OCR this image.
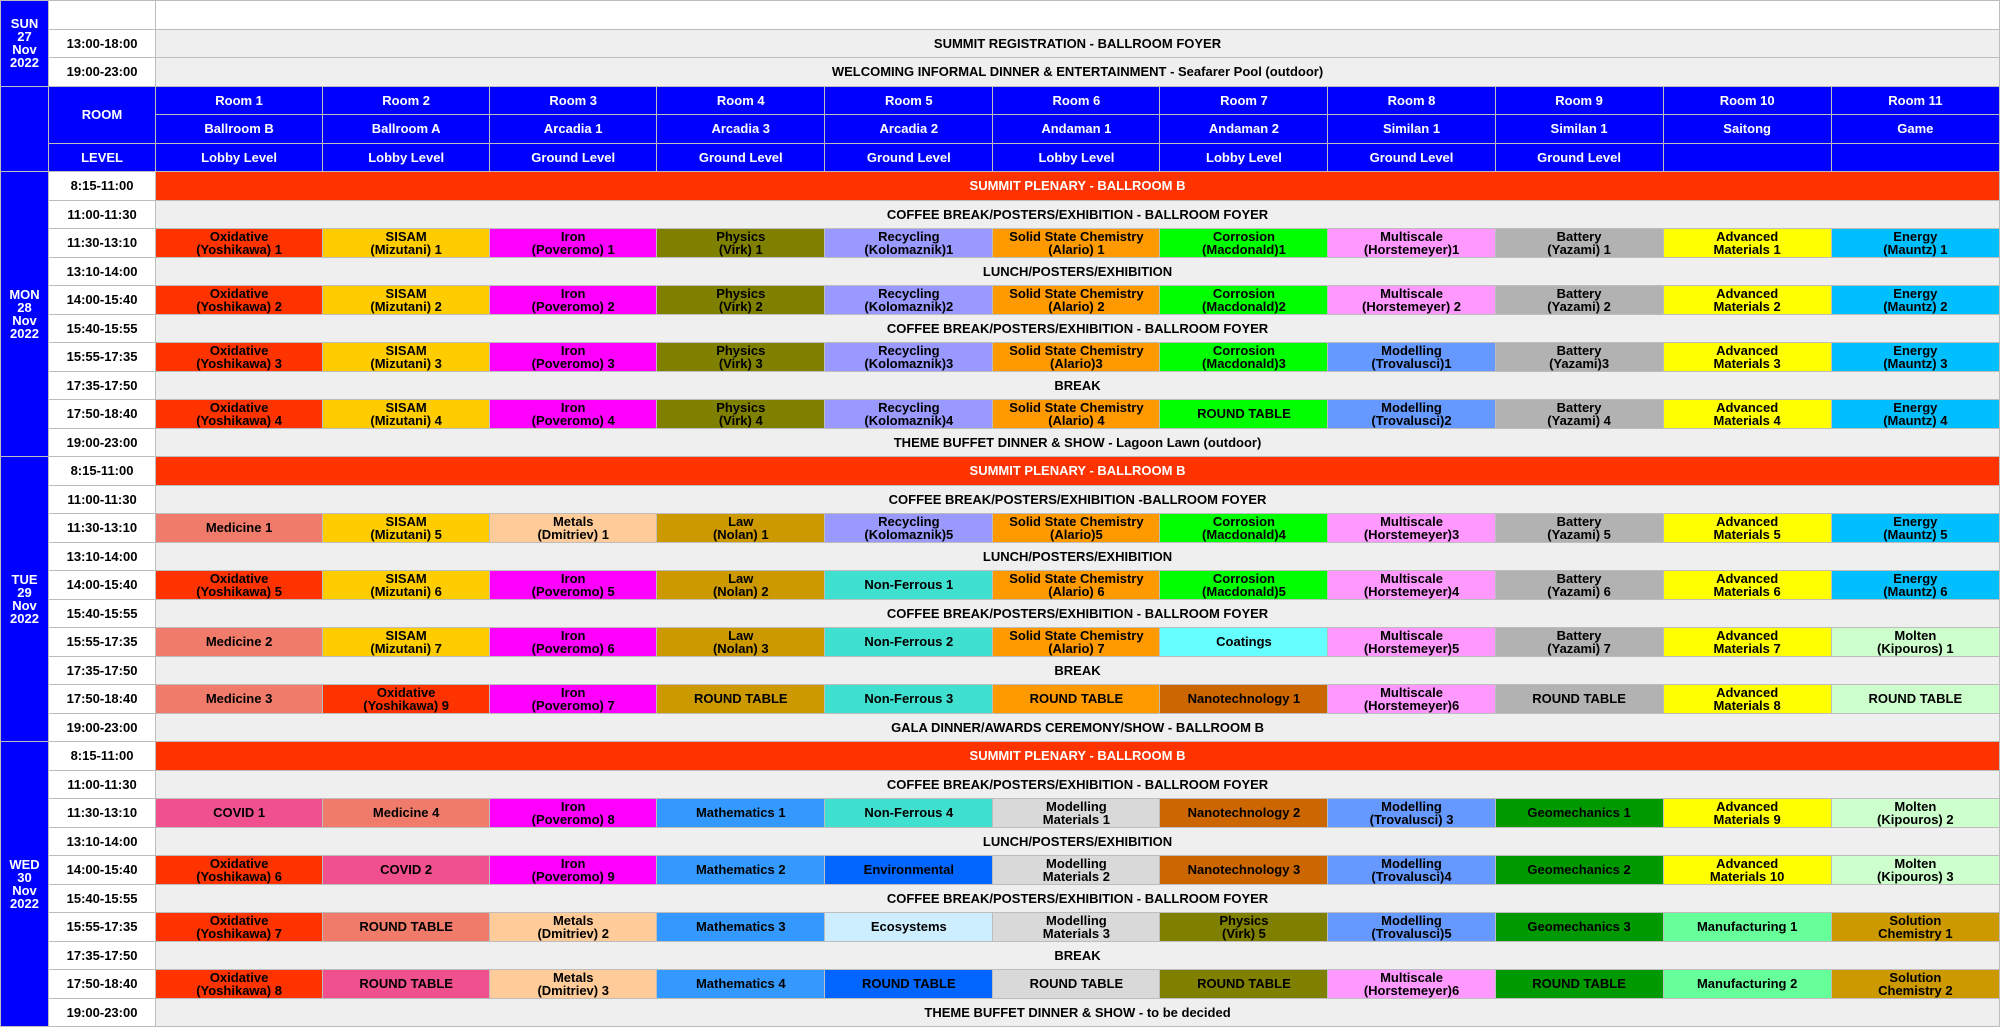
SUN
27
Nov
2022												
	13:00-18:00	SUMMIT REGISTRATION - BALLROOM FOYER										
	19:00-23:00	WELCOMING INFORMAL DINNER & ENTERTAINMENT - Seafarer Pool (outdoor)										
	ROOM	Room 1	Room 2	Room 3	Room 4	Room 5	Room 6	Room 7	Room 8	Room 9	Room 10	Room 11
		Ballroom B	Ballroom A	Arcadia 1	Arcadia 3	Arcadia 2	Andaman 1	Andaman 2	Similan 1	Similan 1	Saitong	Game
	LEVEL	Lobby Level	Lobby Level	Ground Level	Ground Level	Ground Level	Lobby Level	Lobby Level	Ground Level	Ground Level		
MON
28
Nov
2022	8:15-11:00	SUMMIT PLENARY - BALLROOM B										
	11:00-11:30	COFFEE BREAK/POSTERS/EXHIBITION - BALLROOM FOYER										
	11:30-13:10	Oxidative
(Yoshikawa) 1	SISAM
(Mizutani) 1	Iron
(Poveromo) 1	Physics
(Virk) 1	Recycling
(Kolomaznik)1	Solid State Chemistry
(Alario) 1	Corrosion
(Macdonald)1	Multiscale
(Horstemeyer)1	Battery
(Yazami) 1	Advanced
Materials 1	Energy
(Mauntz) 1
	13:10-14:00	LUNCH/POSTERS/EXHIBITION										
	14:00-15:40	Oxidative
(Yoshikawa) 2	SISAM
(Mizutani) 2	Iron
(Poveromo) 2	Physics
(Virk) 2	Recycling
(Kolomaznik)2	Solid State Chemistry
(Alario) 2	Corrosion
(Macdonald)2	Multiscale
(Horstemeyer) 2	Battery
(Yazami) 2	Advanced
Materials 2	Energy
(Mauntz) 2
	15:40-15:55	COFFEE BREAK/POSTERS/EXHIBITION - BALLROOM FOYER										
	15:55-17:35	Oxidative
(Yoshikawa) 3	SISAM
(Mizutani) 3	Iron
(Poveromo) 3	Physics
(Virk) 3	Recycling
(Kolomaznik)3	Solid State Chemistry
(Alario)3	Corrosion
(Macdonald)3	Modelling
(Trovalusci)1	Battery
(Yazami)3	Advanced
Materials 3	Energy
(Mauntz) 3
	17:35-17:50	BREAK										
	17:50-18:40	Oxidative
(Yoshikawa) 4	SISAM
(Mizutani) 4	Iron
(Poveromo) 4	Physics
(Virk) 4	Recycling
(Kolomaznik)4	Solid State Chemistry
(Alario) 4	ROUND TABLE	Modelling
(Trovalusci)2	Battery
(Yazami) 4	Advanced
Materials 4	Energy
(Mauntz) 4
	19:00-23:00	THEME BUFFET DINNER & SHOW - Lagoon Lawn (outdoor)										
TUE
29
Nov
2022	8:15-11:00	SUMMIT PLENARY - BALLROOM B										
	11:00-11:30	COFFEE BREAK/POSTERS/EXHIBITION -BALLROOM FOYER										
	11:30-13:10	Medicine 1	SISAM
(Mizutani) 5	Metals
(Dmitriev) 1	Law
(Nolan) 1	Recycling
(Kolomaznik)5	Solid State Chemistry
(Alario)5	Corrosion
(Macdonald)4	Multiscale
(Horstemeyer)3	Battery
(Yazami) 5	Advanced
Materials 5	Energy
(Mauntz) 5
	13:10-14:00	LUNCH/POSTERS/EXHIBITION										
	14:00-15:40	Oxidative
(Yoshikawa) 5	SISAM
(Mizutani) 6	Iron
(Poveromo) 5	Law
(Nolan) 2	Non-Ferrous 1	Solid State Chemistry
(Alario) 6	Corrosion
(Macdonald)5	Multiscale
(Horstemeyer)4	Battery
(Yazami) 6	Advanced
Materials 6	Energy
(Mauntz) 6
	15:40-15:55	COFFEE BREAK/POSTERS/EXHIBITION - BALLROOM FOYER										
	15:55-17:35	Medicine 2	SISAM
(Mizutani) 7	Iron
(Poveromo) 6	Law
(Nolan) 3	Non-Ferrous 2	Solid State Chemistry
(Alario) 7	Coatings	Multiscale
(Horstemeyer)5	Battery
(Yazami) 7	Advanced
Materials 7	Molten
(Kipouros) 1
	17:35-17:50	BREAK										
	17:50-18:40	Medicine 3	Oxidative
(Yoshikawa) 9	Iron
(Poveromo) 7	ROUND TABLE	Non-Ferrous 3	ROUND TABLE	Nanotechnology 1	Multiscale
(Horstemeyer)6	ROUND TABLE	Advanced
Materials 8	ROUND TABLE
	19:00-23:00	GALA DINNER/AWARDS CEREMONY/SHOW - BALLROOM B										
WED
30
Nov
2022	8:15-11:00	SUMMIT PLENARY - BALLROOM B										
	11:00-11:30	COFFEE BREAK/POSTERS/EXHIBITION - BALLROOM FOYER										
	11:30-13:10	COVID 1	Medicine 4	Iron
(Poveromo) 8	Mathematics 1	Non-Ferrous 4	Modelling
Materials 1	Nanotechnology 2	Modelling
(Trovalusci) 3	Geomechanics 1	Advanced
Materials 9	Molten
(Kipouros) 2
	13:10-14:00	LUNCH/POSTERS/EXHIBITION										
	14:00-15:40	Oxidative
(Yoshikawa) 6	COVID 2	Iron
(Poveromo) 9	Mathematics 2	Environmental	Modelling
Materials 2	Nanotechnology 3	Modelling
(Trovalusci)4	Geomechanics 2	Advanced
Materials 10	Molten
(Kipouros) 3
	15:40-15:55	COFFEE BREAK/POSTERS/EXHIBITION - BALLROOM FOYER										
	15:55-17:35	Oxidative
(Yoshikawa) 7	ROUND TABLE	Metals
(Dmitriev) 2	Mathematics 3	Ecosystems	Modelling
Materials 3	Physics
(Virk) 5	Modelling
(Trovalusci)5	Geomechanics 3	Manufacturing 1	Solution
Chemistry 1
	17:35-17:50	BREAK										
	17:50-18:40	Oxidative
(Yoshikawa) 8	ROUND TABLE	Metals
(Dmitriev) 3	Mathematics 4	ROUND TABLE	ROUND TABLE	ROUND TABLE	Multiscale
(Horstemeyer)6	ROUND TABLE	Manufacturing 2	Solution
Chemistry 2
	19:00-23:00	THEME BUFFET DINNER & SHOW - to be decided										
